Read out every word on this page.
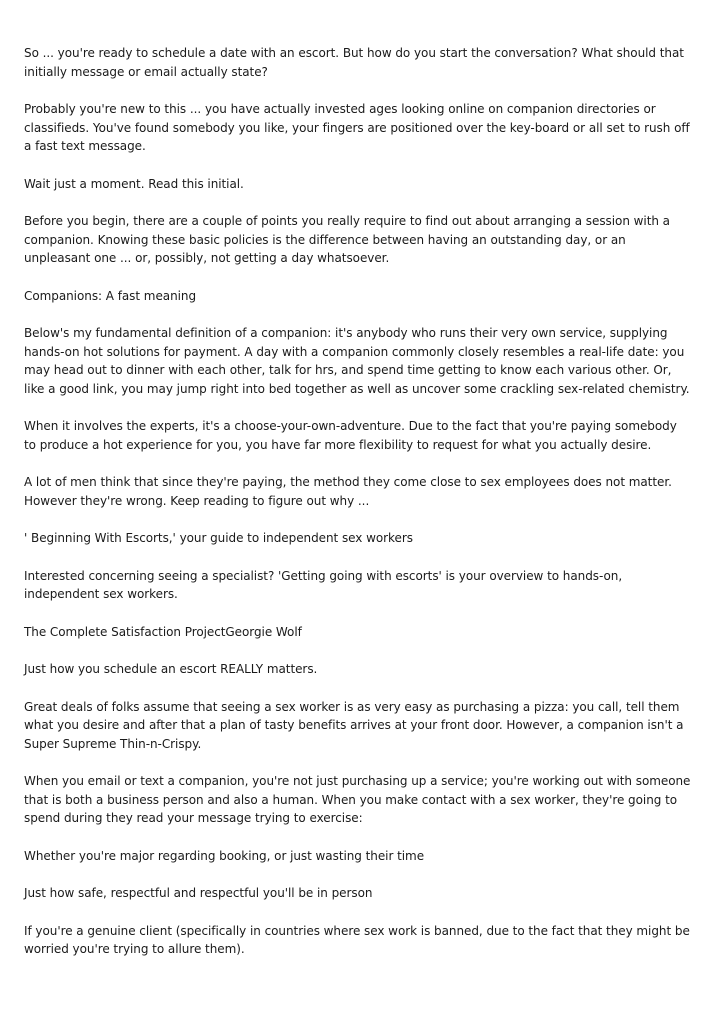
So ... you're ready to schedule a date with an escort. But how do you start the conversation? What should that initially message or email actually state?

Probably you're new to this ... you have actually invested ages looking online on companion directories or classifieds. You've found somebody you like, your fingers are positioned over the key-board or all set to rush off a fast text message.

Wait just a moment. Read this initial.

Before you begin, there are a couple of points you really require to find out about arranging a session with a companion. Knowing these basic policies is the difference between having an outstanding day, or an unpleasant one ... or, possibly, not getting a day whatsoever.

Companions: A fast meaning

Below's my fundamental definition of a companion: it's anybody who runs their very own service, supplying hands-on hot solutions for payment. A day with a companion commonly closely resembles a real-life date: you may head out to dinner with each other, talk for hrs, and spend time getting to know each various other. Or, like a good link, you may jump right into bed together as well as uncover some crackling sex-related chemistry.

When it involves the experts, it's a choose-your-own-adventure. Due to the fact that you're paying somebody to produce a hot experience for you, you have far more flexibility to request for what you actually desire.

A lot of men think that since they're paying, the method they come close to sex employees does not matter. However they're wrong. Keep reading to figure out why ...

' Beginning With Escorts,' your guide to independent sex workers

Interested concerning seeing a specialist? 'Getting going with escorts' is your overview to hands-on, independent sex workers.

The Complete Satisfaction ProjectGeorgie Wolf

Just how you schedule an escort REALLY matters.

Great deals of folks assume that seeing a sex worker is as very easy as purchasing a pizza: you call, tell them what you desire and after that a plan of tasty benefits arrives at your front door. However, a companion isn't a Super Supreme Thin-n-Crispy.

When you email or text a companion, you're not just purchasing up a service; you're working out with someone that is both a business person and also a human. When you make contact with a sex worker, they're going to spend during they read your message trying to exercise:

Whether you're major regarding booking, or just wasting their time

Just how safe, respectful and respectful you'll be in person

If you're a genuine client (specifically in countries where sex work is banned, due to the fact that they might be worried you're trying to allure them).
